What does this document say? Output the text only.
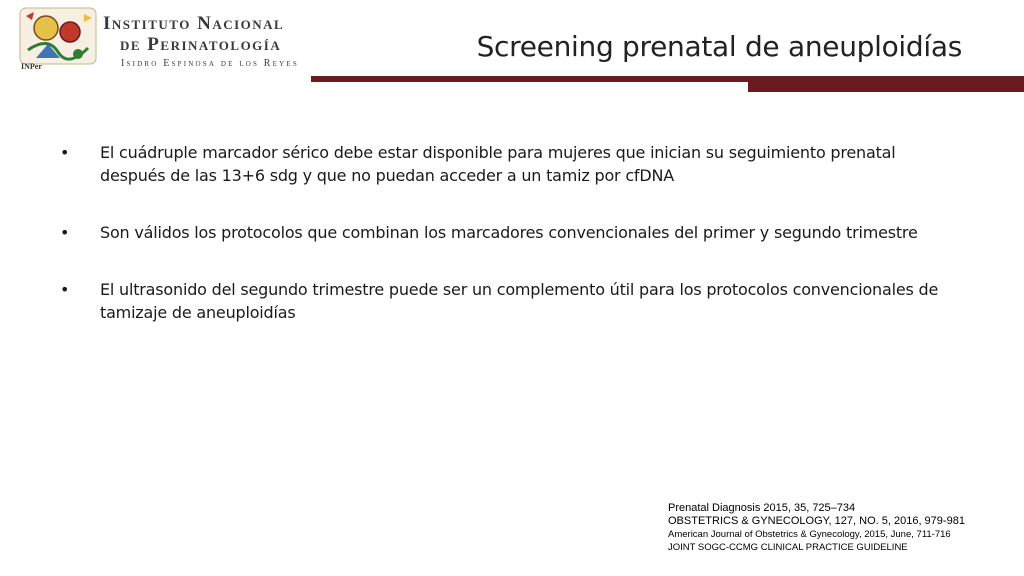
INPer
Instituto Nacional
de Perinatología
Isidro Espinosa de los Reyes
Screening prenatal de aneuploidías
• El cuádruple marcador sérico debe estar disponible para mujeres que inician su seguimiento prenatal después de las 13+6 sdg y que no puedan acceder a un tamiz por cfDNA
• Son válidos los protocolos que combinan los marcadores convencionales del primer y segundo trimestre
• El ultrasonido del segundo trimestre puede ser un complemento útil para los protocolos convencionales de tamizaje de aneuploidías
Prenatal Diagnosis 2015, 35, 725–734
OBSTETRICS & GYNECOLOGY, 127, NO. 5, 2016, 979-981
American Journal of Obstetrics & Gynecology, 2015, June, 711-716
JOINT SOGC-CCMG CLINICAL PRACTICE GUIDELINE
